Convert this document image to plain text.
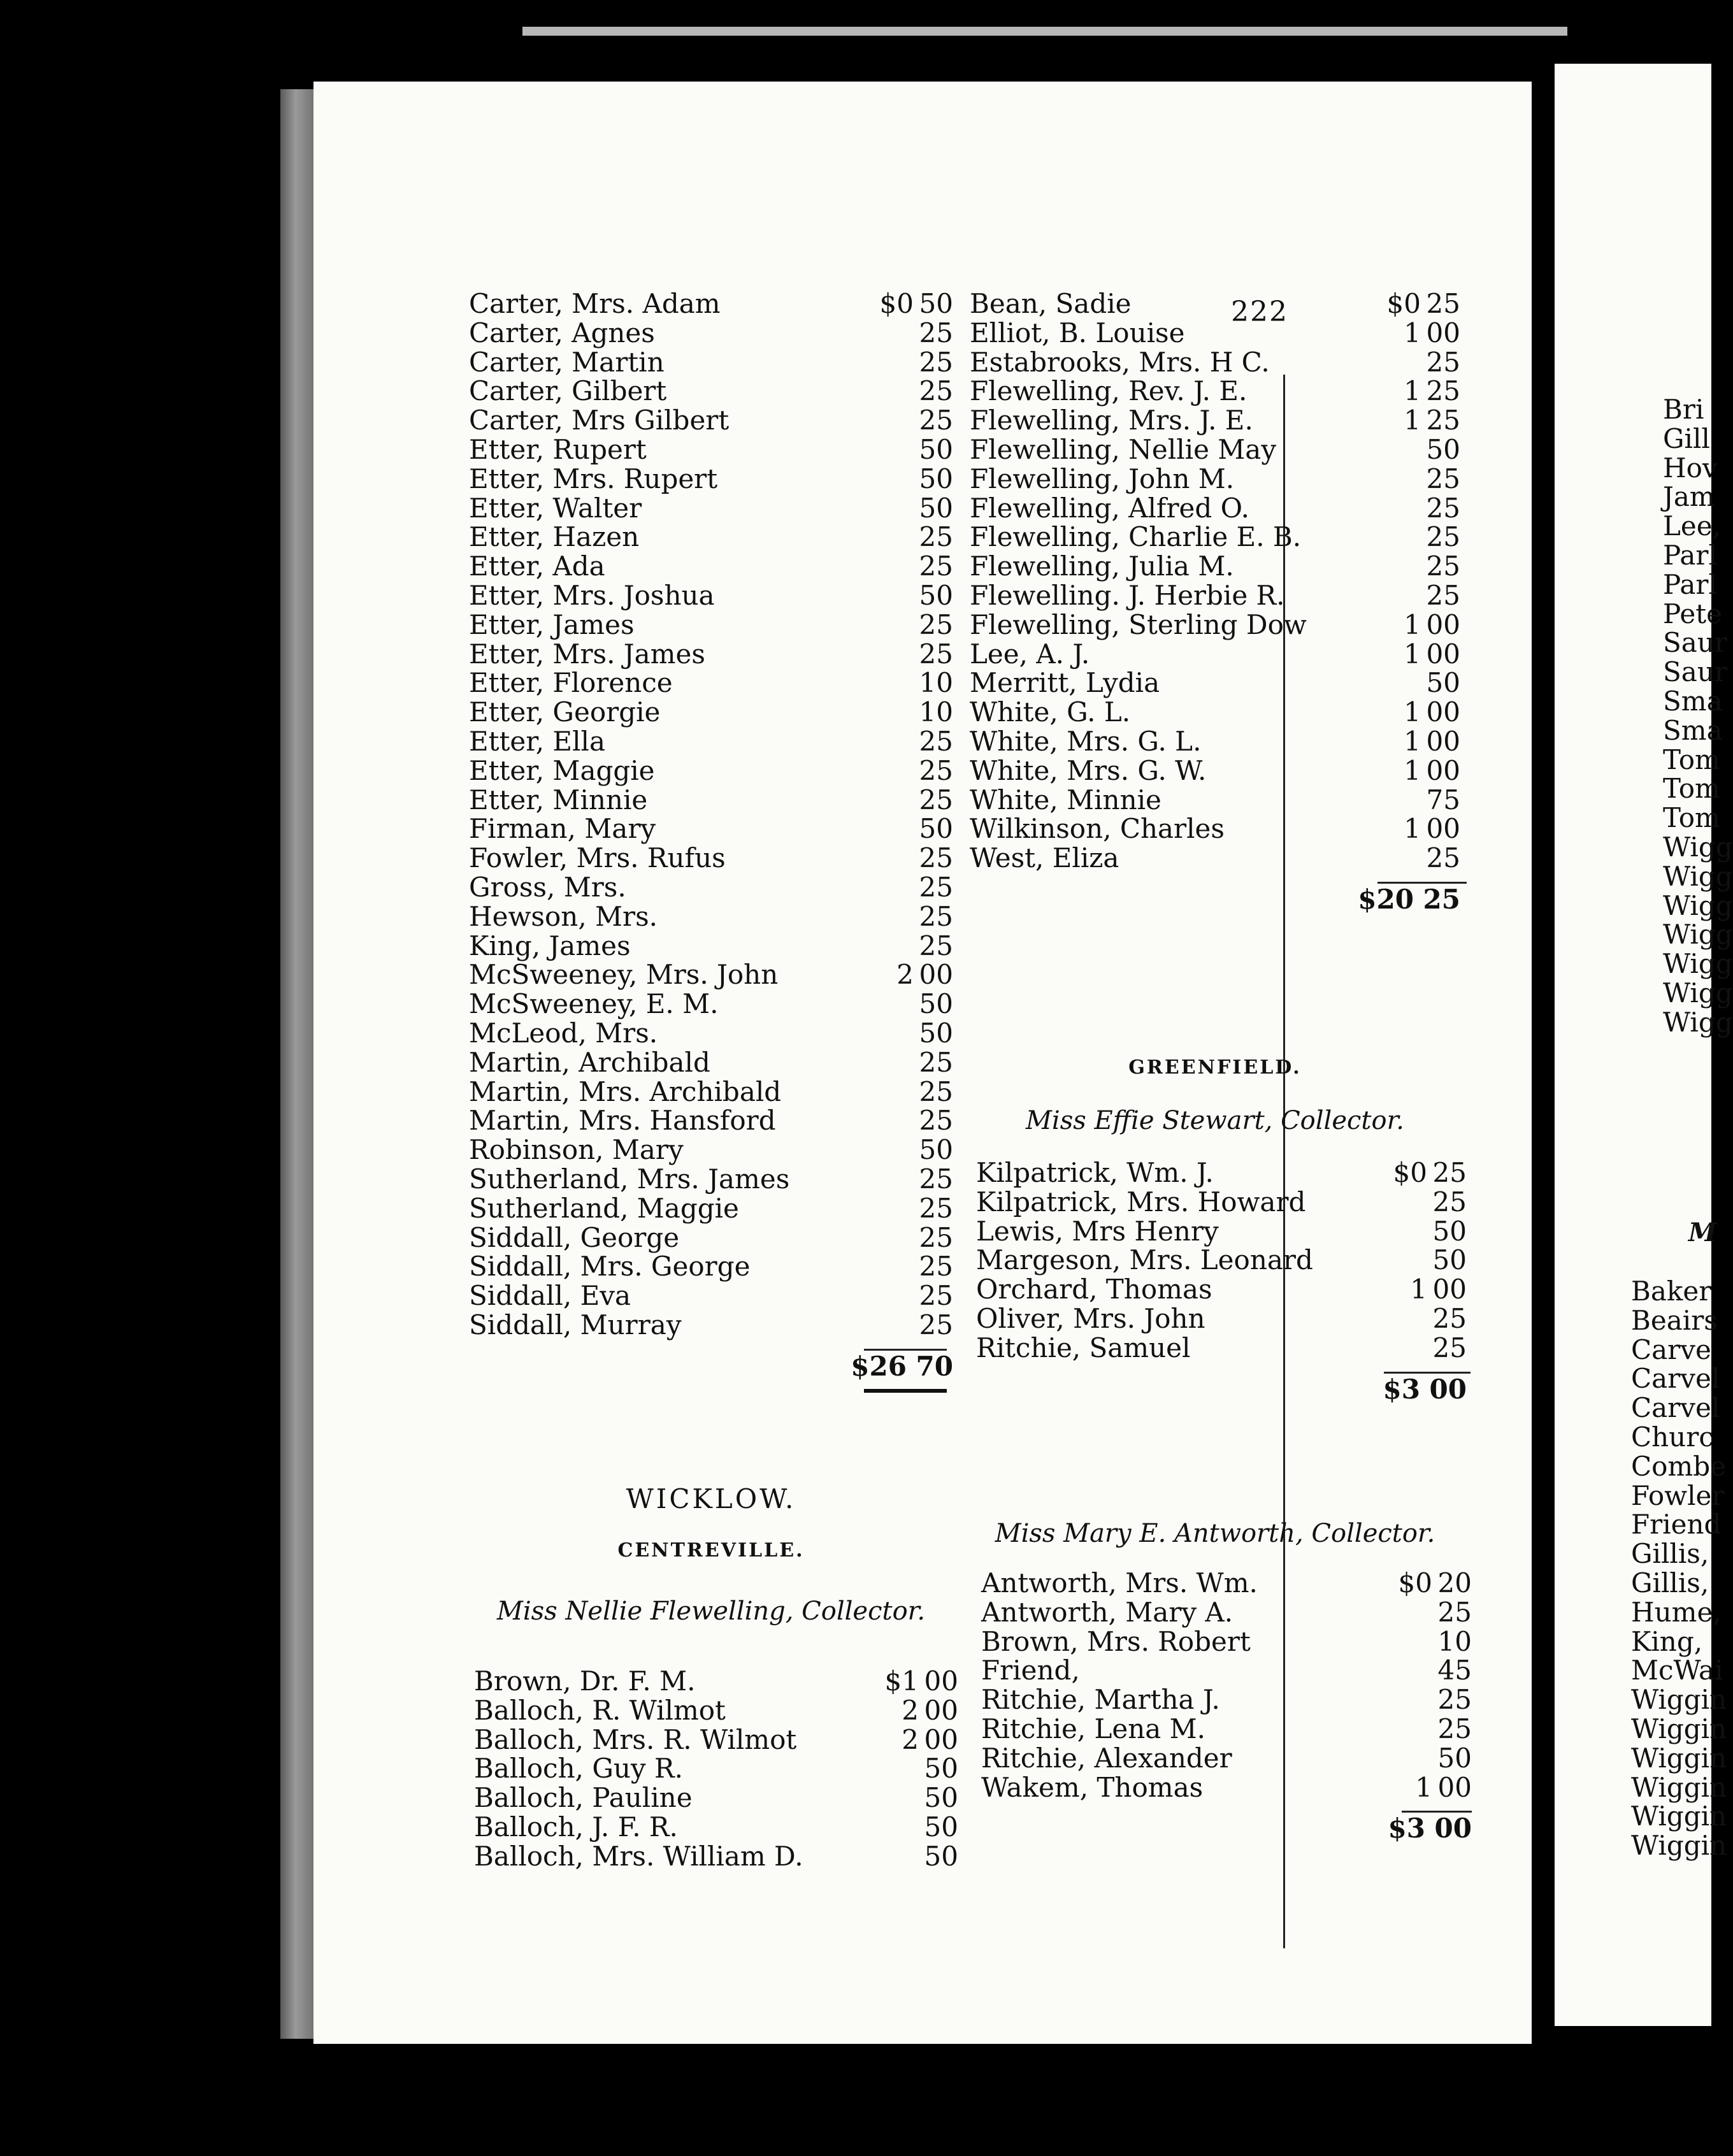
222
Carter, Mrs. Adam	$0 50
Carter, Agnes	25
Carter, Martin	25
Carter, Gilbert	25
Carter, Mrs Gilbert	25
Etter, Rupert	50
Etter, Mrs. Rupert	50
Etter, Walter	50
Etter, Hazen	25
Etter, Ada	25
Etter, Mrs. Joshua	50
Etter, James	25
Etter, Mrs. James	25
Etter, Florence	10
Etter, Georgie	10
Etter, Ella	25
Etter, Maggie	25
Etter, Minnie	25
Firman, Mary	50
Fowler, Mrs. Rufus	25
Gross, Mrs.	25
Hewson, Mrs.	25
King, James	25
McSweeney, Mrs. John	2 00
McSweeney, E. M.	50
McLeod, Mrs.	50
Martin, Archibald	25
Martin, Mrs. Archibald	25
Martin, Mrs. Hansford	25
Robinson, Mary	50
Sutherland, Mrs. James	25
Sutherland, Maggie	25
Siddall, George	25
Siddall, Mrs. George	25
Siddall, Eva	25
Siddall, Murray	25
$26 70
WICKLOW.
CENTREVILLE.
Miss Nellie Flewelling, Collector.
Brown, Dr. F. M.	$1 00
Balloch, R. Wilmot	2 00
Balloch, Mrs. R. Wilmot	2 00
Balloch, Guy R.	50
Balloch, Pauline	50
Balloch, J. F. R.	50
Balloch, Mrs. William D.	50
Bean, Sadie	$0 25
Elliot, B. Louise	1 00
Estabrooks, Mrs. H C.	25
Flewelling, Rev. J. E.	1 25
Flewelling, Mrs. J. E.	1 25
Flewelling, Nellie May	50
Flewelling, John M.	25
Flewelling, Alfred O.	25
Flewelling, Charlie E. B.	25
Flewelling, Julia M.	25
Flewelling. J. Herbie R.	25
Flewelling, Sterling Dow	1 00
Lee, A. J.	1 00
Merritt, Lydia	50
White, G. L.	1 00
White, Mrs. G. L.	1 00
White, Mrs. G. W.	1 00
White, Minnie	75
Wilkinson, Charles	1 00
West, Eliza	25
$20 25
GREENFIELD.
Miss Effie Stewart, Collector.
Kilpatrick, Wm. J.	$0 25
Kilpatrick, Mrs. Howard	25
Lewis, Mrs Henry	50
Margeson, Mrs. Leonard	50
Orchard, Thomas	1 00
Oliver, Mrs. John	25
Ritchie, Samuel	25
$3 00
Miss Mary E. Antworth, Collector.
Antworth, Mrs. Wm.	$0 20
Antworth, Mary A.	25
Brown, Mrs. Robert	10
Friend,	45
Ritchie, Martha J.	25
Ritchie, Lena M.	25
Ritchie, Alexander	50
Wakem, Thomas	1 00
$3 00
Bri
Gill
Hov
Jam
Lee,
Parl
Parl
Pete
Saur
Saur
Sma
Sma
Tom
Tom
Tom
Wigg
Wigg
Wigg
Wigg
Wigg
Wigg
Wigg
M
Baker
Beairs
Carve
Carvel
Carvel
Churc
Combe
Fowler
Friend
Gillis,
Gillis,
Hume,
King,
McWai
Wiggin
Wiggin
Wiggin
Wiggin
Wiggin
Wiggin
